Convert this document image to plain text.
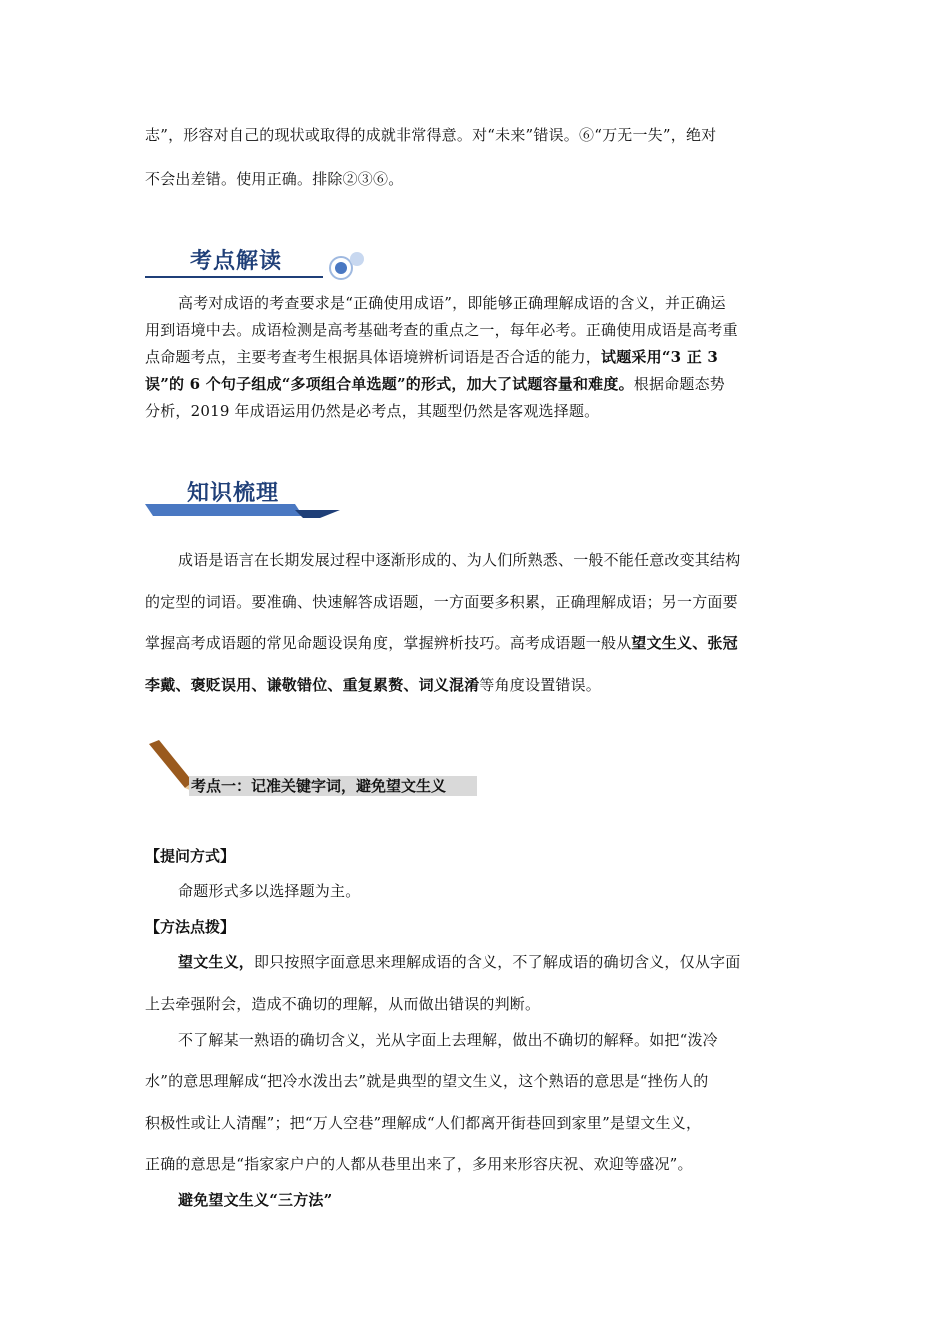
志”，形容对自己的现状或取得的成就非常得意。对“未来”错误。⑥“万无一失”，绝对
不会出差错。使用正确。排除②③⑥。
考点解读
高考对成语的考查要求是“正确使用成语”，即能够正确理解成语的含义，并正确运
用到语境中去。成语检测是高考基础考查的重点之一，每年必考。正确使用成语是高考重
点命题考点，主要考查考生根据具体语境辨析词语是否合适的能力，试题采用“3 正 3
误”的 6 个句子组成“多项组合单选题”的形式，加大了试题容量和难度。根据命题态势
分析，2019 年成语运用仍然是必考点，其题型仍然是客观选择题。
知识梳理
成语是语言在长期发展过程中逐渐形成的、为人们所熟悉、一般不能任意改变其结构
的定型的词语。要准确、快速解答成语题，一方面要多积累，正确理解成语；另一方面要
掌握高考成语题的常见命题设误角度，掌握辨析技巧。高考成语题一般从望文生义、张冠
李戴、褒贬误用、谦敬错位、重复累赘、词义混淆等角度设置错误。
考点一：记准关键字词，避免望文生义
【提问方式】
命题形式多以选择题为主。
【方法点拨】
望文生义，即只按照字面意思来理解成语的含义，不了解成语的确切含义，仅从字面
上去牵强附会，造成不确切的理解，从而做出错误的判断。
不了解某一熟语的确切含义，光从字面上去理解，做出不确切的解释。如把“泼冷
水”的意思理解成“把冷水泼出去”就是典型的望文生义，这个熟语的意思是“挫伤人的
积极性或让人清醒”；把“万人空巷”理解成“人们都离开街巷回到家里”是望文生义，
正确的意思是“指家家户户的人都从巷里出来了，多用来形容庆祝、欢迎等盛况”。
避免望文生义“三方法”
